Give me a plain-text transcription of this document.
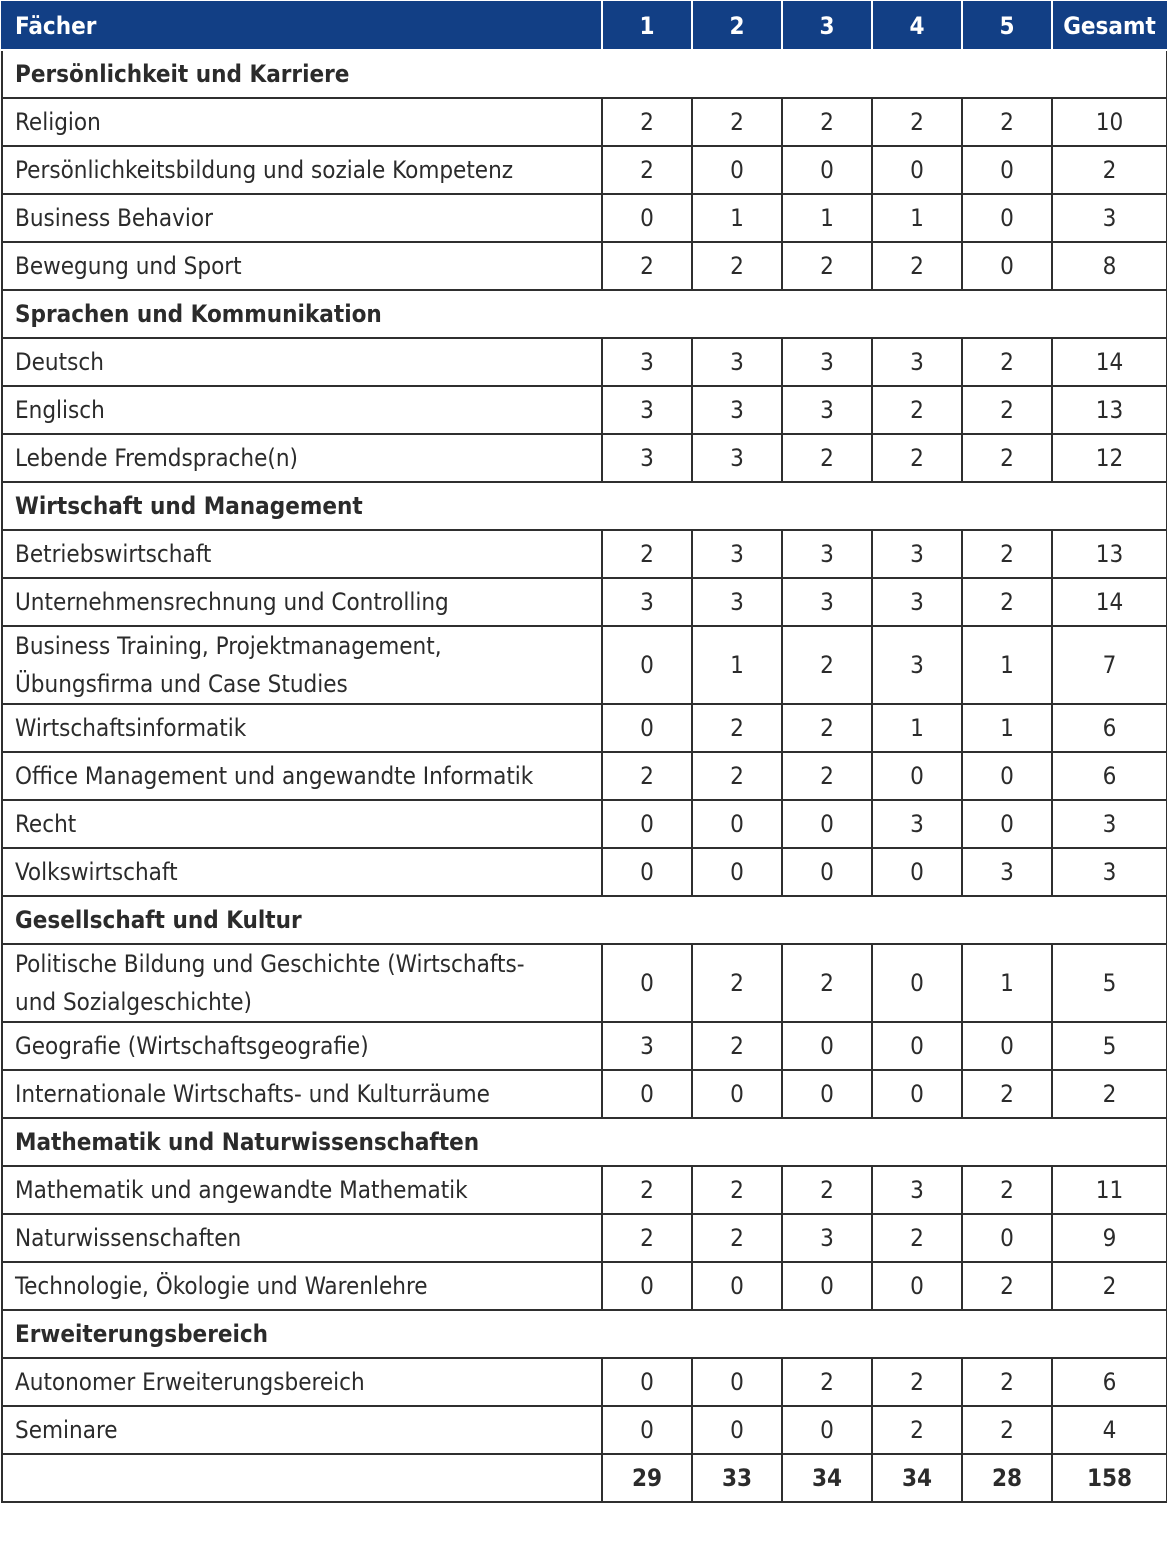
Fächer	1	2	3	4	5	Gesamt
Persönlichkeit und Karriere						
Religion	2	2	2	2	2	10
Persönlichkeitsbildung und soziale Kompetenz	2	0	0	0	0	2
Business Behavior	0	1	1	1	0	3
Bewegung und Sport	2	2	2	2	0	8
Sprachen und Kommunikation						
Deutsch	3	3	3	3	2	14
Englisch	3	3	3	2	2	13
Lebende Fremdsprache(n)	3	3	2	2	2	12
Wirtschaft und Management						
Betriebswirtschaft	2	3	3	3	2	13
Unternehmensrechnung und Controlling	3	3	3	3	2	14
Business Training, Projektmanagement,
Übungsfirma und Case Studies	0	1	2	3	1	7
Wirtschaftsinformatik	0	2	2	1	1	6
Office Management und angewandte Informatik	2	2	2	0	0	6
Recht	0	0	0	3	0	3
Volkswirtschaft	0	0	0	0	3	3
Gesellschaft und Kultur						
Politische Bildung und Geschichte (Wirtschafts-
und Sozialgeschichte)	0	2	2	0	1	5
Geografie (Wirtschaftsgeografie)	3	2	0	0	0	5
Internationale Wirtschafts- und Kulturräume	0	0	0	0	2	2
Mathematik und Naturwissenschaften						
Mathematik und angewandte Mathematik	2	2	2	3	2	11
Naturwissenschaften	2	2	3	2	0	9
Technologie, Ökologie und Warenlehre	0	0	0	0	2	2
Erweiterungsbereich						
Autonomer Erweiterungsbereich	0	0	2	2	2	6
Seminare	0	0	0	2	2	4
	29	33	34	34	28	158
